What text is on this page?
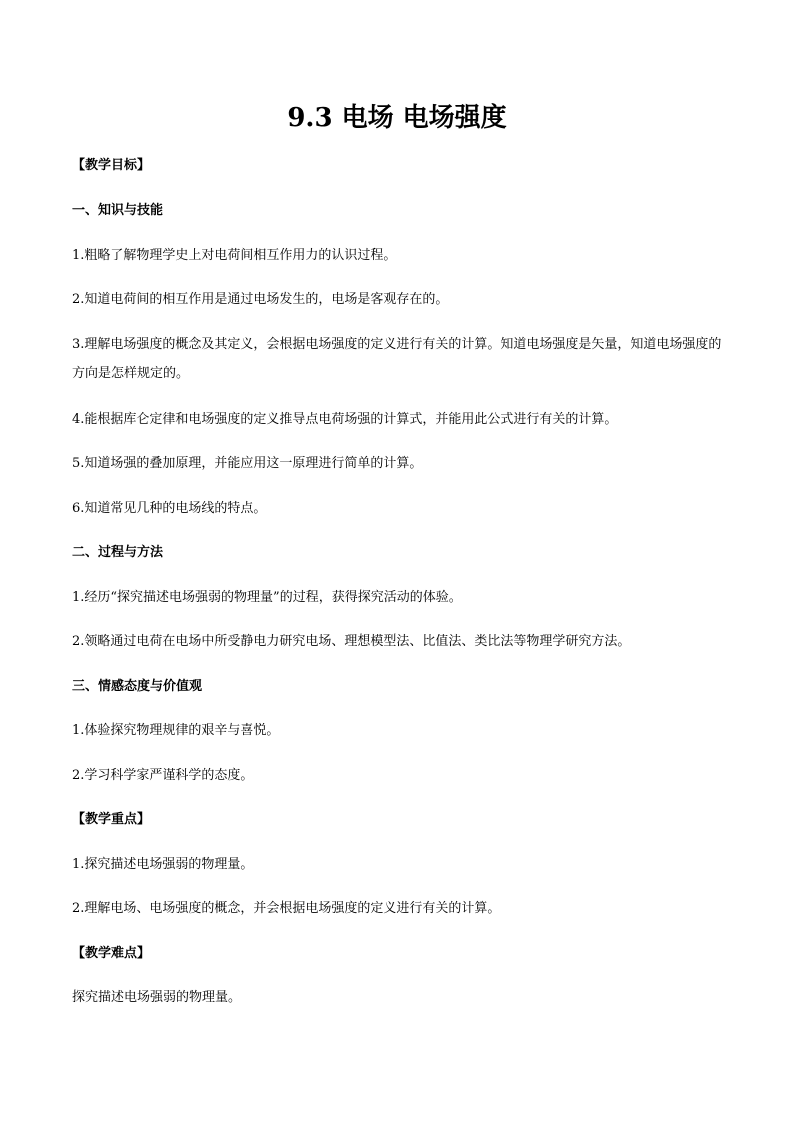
9.3 电场 电场强度
【教学目标】
一、知识与技能
1.粗略了解物理学史上对电荷间相互作用力的认识过程。
2.知道电荷间的相互作用是通过电场发生的，电场是客观存在的。
3.理解电场强度的概念及其定义，会根据电场强度的定义进行有关的计算。知道电场强度是矢量，知道电场强度的方向是怎样规定的。
4.能根据库仑定律和电场强度的定义推导点电荷场强的计算式，并能用此公式进行有关的计算。
5.知道场强的叠加原理，并能应用这一原理进行简单的计算。
6.知道常见几种的电场线的特点。
二、过程与方法
1.经历“探究描述电场强弱的物理量”的过程，获得探究活动的体验。
2.领略通过电荷在电场中所受静电力研究电场、理想模型法、比值法、类比法等物理学研究方法。
三、情感态度与价值观
1.体验探究物理规律的艰辛与喜悦。
2.学习科学家严谨科学的态度。
【教学重点】
1.探究描述电场强弱的物理量。
2.理解电场、电场强度的概念，并会根据电场强度的定义进行有关的计算。
【教学难点】
探究描述电场强弱的物理量。
